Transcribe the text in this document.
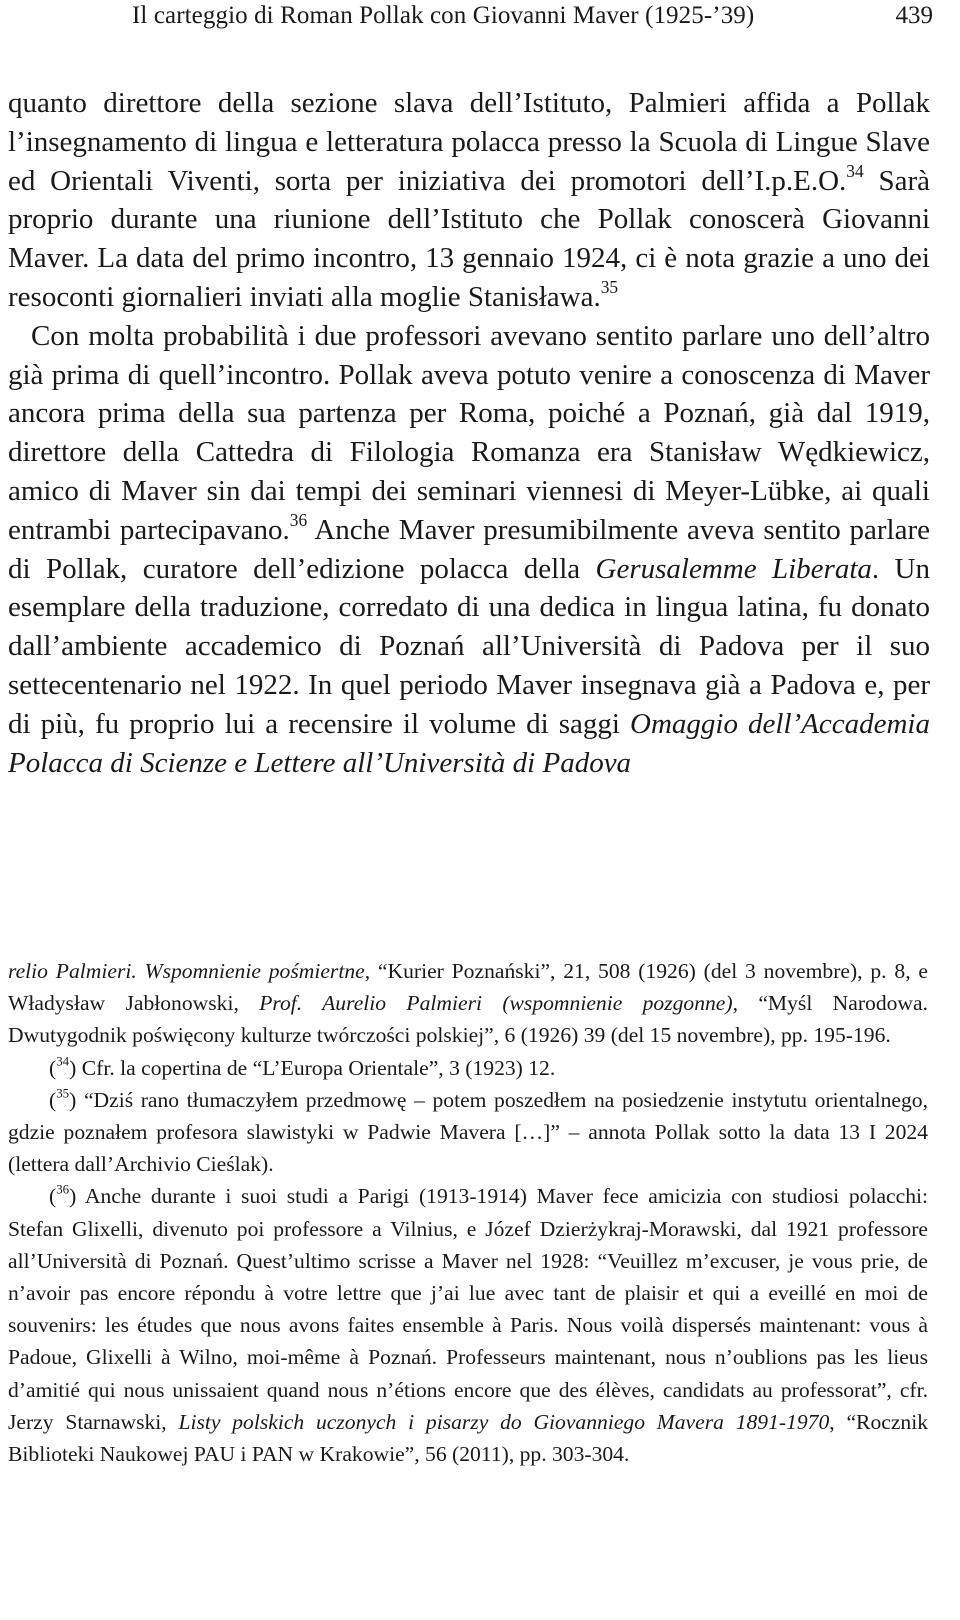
Il carteggio di Roman Pollak con Giovanni Maver (1925-’39)	439

quanto direttore della sezione slava dell’Istituto, Palmieri affida a Pollak l’insegnamento di lingua e letteratura polacca presso la Scuola di Lingue Slave ed Orientali Viventi, sorta per iniziativa dei promotori dell’I.p.E.O.$^{34}$ Sarà proprio durante una riunione dell’Istituto che Pollak conoscerà Giovanni Maver. La data del primo incontro, 13 gennaio 1924, ci è nota grazie a uno dei resoconti giornalieri inviati alla moglie Stanisława.$^{35}$

Con molta probabilità i due professori avevano sentito parlare uno dell’altro già prima di quell’incontro. Pollak aveva potuto venire a conoscenza di Maver ancora prima della sua partenza per Roma, poiché a Poznań, già dal 1919, direttore della Cattedra di Filologia Romanza era Stanisław Wędkiewicz, amico di Maver sin dai tempi dei seminari viennesi di Meyer-Lübke, ai quali entrambi partecipavano.$^{36}$ Anche Maver presumibilmente aveva sentito parlare di Pollak, curatore dell’edizione polacca della Gerusalemme Liberata. Un esemplare della traduzione, corredato di una dedica in lingua latina, fu donato dall’ambiente accademico di Poznań all’Università di Padova per il suo settecentenario nel 1922. In quel periodo Maver insegnava già a Padova e, per di più, fu proprio lui a recensire il volume di saggi Omaggio dell’Accademia Polacca di Scienze e Lettere all’Università di Padova

relio Palmieri. Wspomnienie pośmiertne, “Kurier Poznański”, 21, 508 (1926) (del 3 novembre), p. 8, e Władysław Jabłonowski, Prof. Aurelio Palmieri (wspomnienie pozgonne), “Myśl Narodowa. Dwutygodnik poświęcony kulturze twórczości polskiej”, 6 (1926) 39 (del 15 novembre), pp. 195-196.

($^{34}$) Cfr. la copertina de “L’Europa Orientale”, 3 (1923) 12.

($^{35}$) “Dziś rano tłumaczyłem przedmowę – potem poszedłem na posiedzenie instytutu orientalnego, gdzie poznałem profesora slawistyki w Padwie Mavera […]” – annota Pollak sotto la data 13 I 2024 (lettera dall’Archivio Cieślak).

($^{36}$) Anche durante i suoi studi a Parigi (1913-1914) Maver fece amicizia con studiosi polacchi: Stefan Glixelli, divenuto poi professore a Vilnius, e Józef Dzierżykraj-Morawski, dal 1921 professore all’Università di Poznań. Quest’ultimo scrisse a Maver nel 1928: “Veuillez m’excuser, je vous prie, de n’avoir pas encore répondu à votre lettre que j’ai lue avec tant de plaisir et qui a eveillé en moi de souvenirs: les études que nous avons faites ensemble à Paris. Nous voilà dispersés maintenant: vous à Padoue, Glixelli à Wilno, moi-même à Poznań. Professeurs maintenant, nous n’oublions pas les lieus d’amitié qui nous unissaient quand nous n’étions encore que des élèves, candidats au professorat”, cfr. Jerzy Starnawski, Listy polskich uczonych i pisarzy do Giovanniego Mavera 1891-1970, “Rocznik Biblioteki Naukowej PAU i PAN w Krakowie”, 56 (2011), pp. 303-304.
